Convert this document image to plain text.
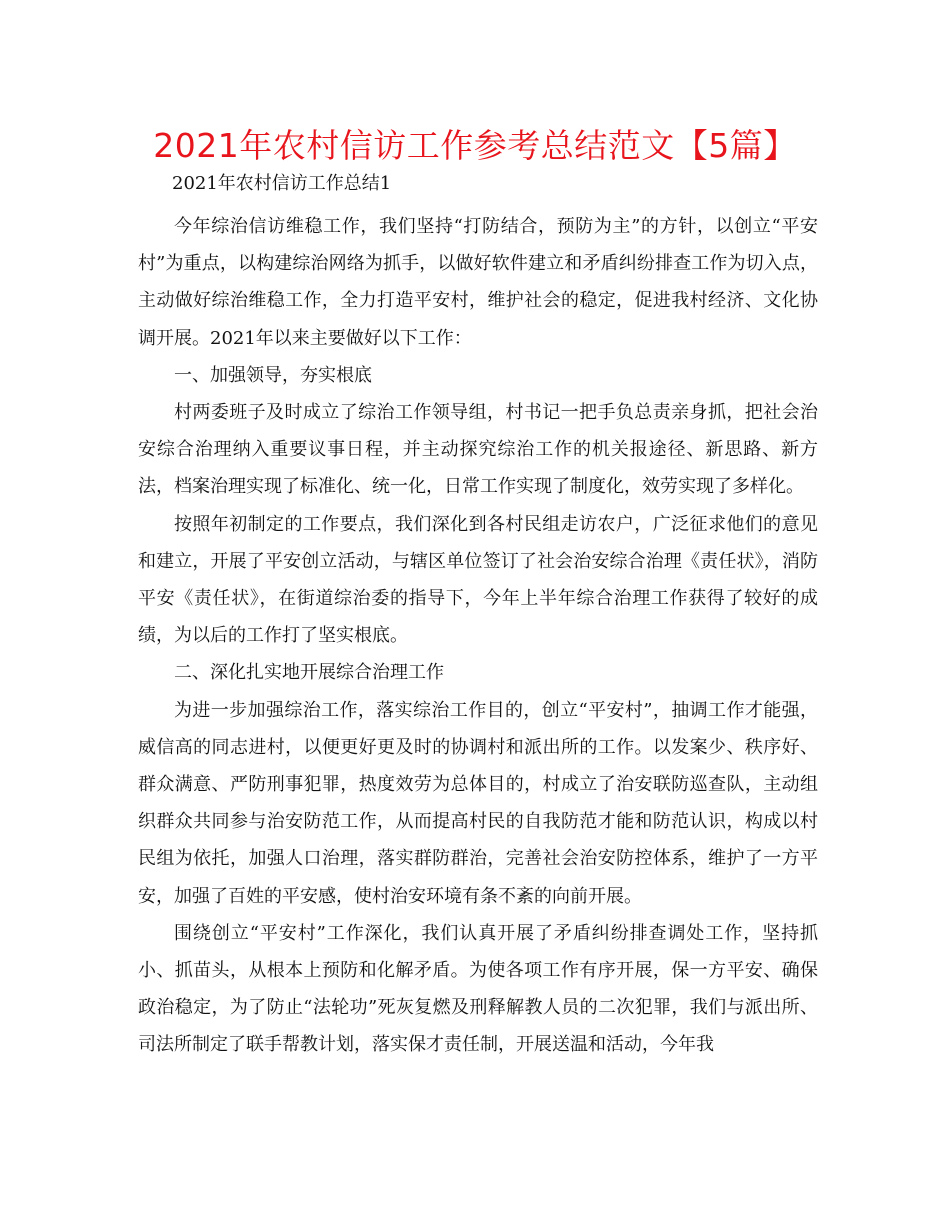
2021年农村信访工作参考总结范文【5篇】

2021年农村信访工作总结1

今年综治信访维稳工作，我们坚持“打防结合，预防为主”的方针，以创立“平安村”为重点，以构建综治网络为抓手，以做好软件建立和矛盾纠纷排查工作为切入点，主动做好综治维稳工作，全力打造平安村，维护社会的稳定，促进我村经济、文化协调开展。2021年以来主要做好以下工作：

一、加强领导，夯实根底

村两委班子及时成立了综治工作领导组，村书记一把手负总责亲身抓，把社会治安综合治理纳入重要议事日程，并主动探究综治工作的机关报途径、新思路、新方法，档案治理实现了标准化、统一化，日常工作实现了制度化，效劳实现了多样化。

按照年初制定的工作要点，我们深化到各村民组走访农户，广泛征求他们的意见和建立，开展了平安创立活动，与辖区单位签订了社会治安综合治理《责任状》，消防平安《责任状》，在街道综治委的指导下，今年上半年综合治理工作获得了较好的成绩，为以后的工作打了坚实根底。

二、深化扎实地开展综合治理工作

为进一步加强综治工作，落实综治工作目的，创立“平安村”，抽调工作才能强，威信高的同志进村，以便更好更及时的协调村和派出所的工作。以发案少、秩序好、群众满意、严防刑事犯罪，热度效劳为总体目的，村成立了治安联防巡查队，主动组织群众共同参与治安防范工作，从而提高村民的自我防范才能和防范认识，构成以村民组为依托，加强人口治理，落实群防群治，完善社会治安防控体系，维护了一方平安，加强了百姓的平安感，使村治安环境有条不紊的向前开展。

围绕创立“平安村”工作深化，我们认真开展了矛盾纠纷排查调处工作，坚持抓小、抓苗头，从根本上预防和化解矛盾。为使各项工作有序开展，保一方平安、确保政治稳定，为了防止“法轮功”死灰复燃及刑释解教人员的二次犯罪，我们与派出所、司法所制定了联手帮教计划，落实保才责任制，开展送温和活动，今年我
